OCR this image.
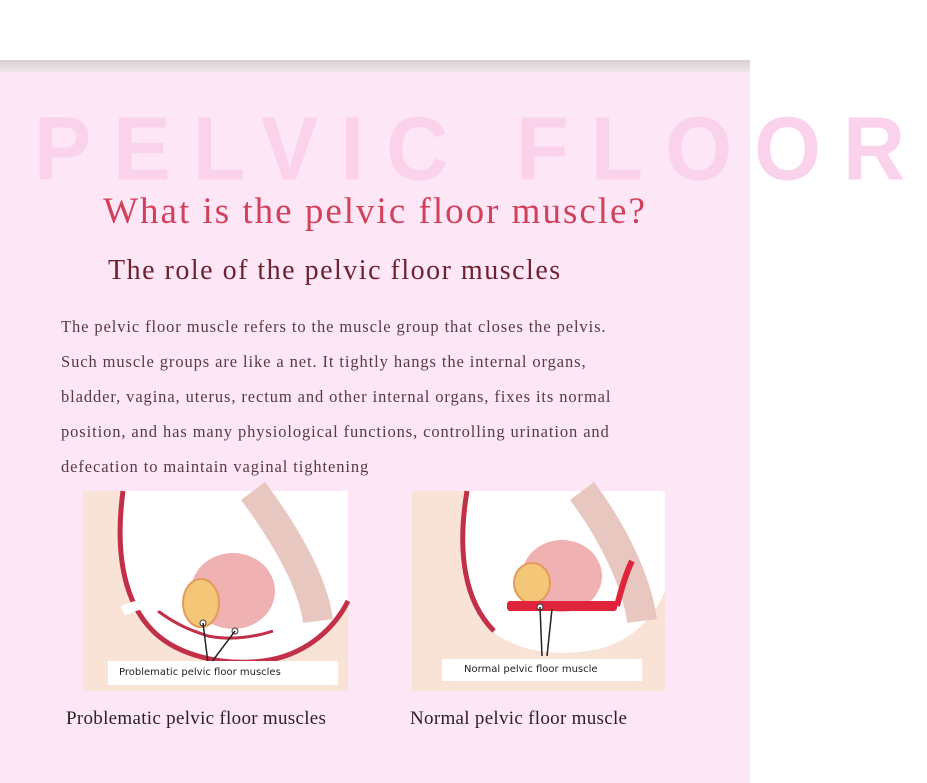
PELVIC FLOOR
What is the pelvic floor muscle?
The role of the pelvic floor muscles
The pelvic floor muscle refers to the muscle group that closes the pelvis.
Such muscle groups are like a net. It tightly hangs the internal organs,
bladder, vagina, uterus, rectum and other internal organs, fixes its normal
position, and has many physiological functions, controlling urination and
defecation to maintain vaginal tightening
Problematic pelvic floor muscles	Normal pelvic floor muscle
Problematic pelvic floor muscles	Normal pelvic floor muscle
